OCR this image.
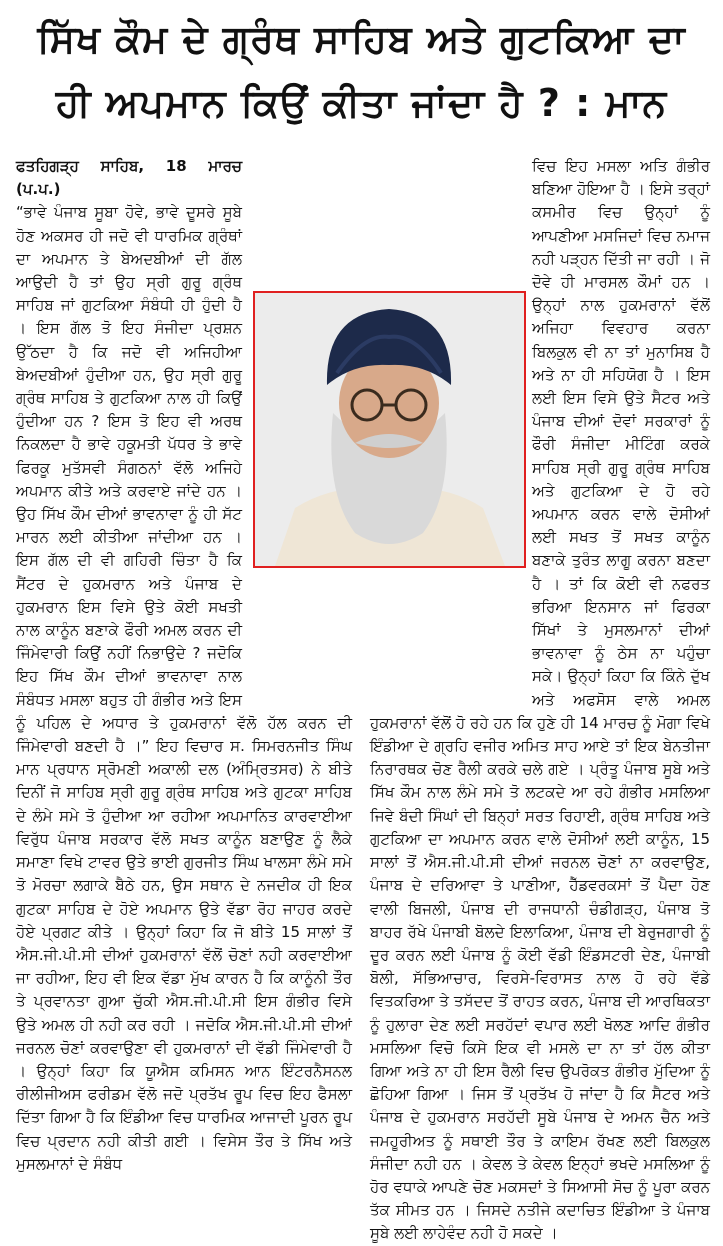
ਸਿੱਖ ਕੌਮ ਦੇ ਗ੍ਰੰਥ ਸਾਹਿਬ ਅਤੇ ਗੁਟਕਿਆ ਦਾ
ਹੀ ਅਪਮਾਨ ਕਿਉਂ ਕੀਤਾ ਜਾਂਦਾ ਹੈ ? : ਮਾਨ

ਫਤਹਿਗੜ੍ਹ ਸਾਹਿਬ, 18 ਮਾਰਚ (ਪ.ਪ.)

“ਭਾਵੇ ਪੰਜਾਬ ਸੂਬਾ ਹੋਵੇ, ਭਾਵੇ ਦੂਸਰੇ ਸੂਬੇ ਹੋਣ ਅਕਸਰ ਹੀ ਜਦੋ ਵੀ ਧਾਰਮਿਕ ਗ੍ਰੰਥਾਂ ਦਾ ਅਪਮਾਨ ਤੇ ਬੇਅਦਬੀਆਂ ਦੀ ਗੱਲ ਆਉਦੀ ਹੈ ਤਾਂ ਉਹ ਸ੍ਰੀ ਗੁਰੂ ਗ੍ਰੰਥ ਸਾਹਿਬ ਜਾਂ ਗੁਟਕਿਆ ਸੰਬੰਧੀ ਹੀ ਹੁੰਦੀ ਹੈ । ਇਸ ਗੱਲ ਤੋ ਇਹ ਸੰਜੀਦਾ ਪ੍ਰਸ਼ਨ ਉੱਠਦਾ ਹੈ ਕਿ ਜਦੋ ਵੀ ਅਜਿਹੀਆ ਬੇਅਦਬੀਆਂ ਹੁੰਦੀਆ ਹਨ, ਉਹ ਸ੍ਰੀ ਗੁਰੂ ਗ੍ਰੰਥ ਸਾਹਿਬ ਤੇ ਗੁਟਕਿਆ ਨਾਲ ਹੀ ਕਿਉਂ ਹੁੰਦੀਆ ਹਨ ? ਇਸ ਤੋ ਇਹ ਵੀ ਅਰਥ ਨਿਕਲਦਾ ਹੈ ਭਾਵੇ ਹਕੂਮਤੀ ਪੱਧਰ ਤੇ ਭਾਵੇ ਫਿਰਕੂ ਮੁਤੱਸਵੀ ਸੰਗਠਨਾਂ ਵੱਲੋ ਅਜਿਹੇ ਅਪਮਾਨ ਕੀਤੇ ਅਤੇ ਕਰਵਾਏ ਜਾਂਦੇ ਹਨ । ਉਹ ਸਿੱਖ ਕੌਮ ਦੀਆਂ ਭਾਵਨਾਵਾ ਨੂੰ ਹੀ ਸੱਟ ਮਾਰਨ ਲਈ ਕੀਤੀਆ ਜਾਂਦੀਆ ਹਨ । ਇਸ ਗੱਲ ਦੀ ਵੀ ਗਹਿਰੀ ਚਿੰਤਾ ਹੈ ਕਿ ਸੈਂਟਰ ਦੇ ਹੁਕਮਰਾਨ ਅਤੇ ਪੰਜਾਬ ਦੇ ਹੁਕਮਰਾਨ ਇਸ ਵਿਸੇ ਉਤੇ ਕੋਈ ਸਖਤੀ ਨਾਲ ਕਾਨੂੰਨ ਬਣਾਕੇ ਫੌਰੀ ਅਮਲ ਕਰਨ ਦੀ ਜਿੰਮੇਵਾਰੀ ਕਿਉਂ ਨਹੀਂ ਨਿਭਾਉਦੇ ? ਜਦੋਕਿ ਇਹ ਸਿੱਖ ਕੌਮ ਦੀਆਂ ਭਾਵਨਾਵਾ ਨਾਲ ਸੰਬੰਧਤ ਮਸਲਾ ਬਹੁਤ ਹੀ ਗੰਭੀਰ ਅਤੇ ਇਸ ਨੂੰ ਪਹਿਲ ਦੇ ਅਧਾਰ ਤੇ ਹੁਕਮਰਾਨਾਂ ਵੱਲੋ ਹੱਲ ਕਰਨ ਦੀ ਜਿੰਮੇਵਾਰੀ ਬਣਦੀ ਹੈ ।” ਇਹ ਵਿਚਾਰ ਸ. ਸਿਮਰਨਜੀਤ ਸਿੰਘ ਮਾਨ ਪ੍ਰਧਾਨ ਸ੍ਰੋਮਣੀ ਅਕਾਲੀ ਦਲ (ਅੰਮ੍ਰਿਤਸਰ) ਨੇ ਬੀਤੇ ਦਿਨੀਂ ਜੋ ਸਾਹਿਬ ਸ੍ਰੀ ਗੁਰੂ ਗ੍ਰੰਥ ਸਾਹਿਬ ਅਤੇ ਗੁਟਕਾ ਸਾਹਿਬ ਦੇ ਲੰਮੇ ਸਮੇ ਤੋ ਹੁੰਦੀਆ ਆ ਰਹੀਆ ਅਪਮਾਨਿਤ ਕਾਰਵਾਈਆ ਵਿਰੁੱਧ ਪੰਜਾਬ ਸਰਕਾਰ ਵੱਲੋ ਸਖਤ ਕਾਨੂੰਨ ਬਣਾਉਣ ਨੂੰ ਲੈਕੇ ਸਮਾਣਾ ਵਿਖੇ ਟਾਵਰ ਉਤੇ ਭਾਈ ਗੁਰਜੀਤ ਸਿੰਘ ਖਾਲਸਾ ਲੰਮੇ ਸਮੇ ਤੋ ਮੋਰਚਾ ਲਗਾਕੇ ਬੈਠੇ ਹਨ, ਉਸ ਸਥਾਨ ਦੇ ਨਜਦੀਕ ਹੀ ਇਕ ਗੁਟਕਾ ਸਾਹਿਬ ਦੇ ਹੋਏ ਅਪਮਾਨ ਉਤੇ ਵੱਡਾ ਰੋਹ ਜਾਹਰ ਕਰਦੇ ਹੋਏ ਪ੍ਰਗਟ ਕੀਤੇ । ਉਨ੍ਹਾਂ ਕਿਹਾ ਕਿ ਜੋ ਬੀਤੇ 15 ਸਾਲਾਂ ਤੋਂ ਐਸ.ਜੀ.ਪੀ.ਸੀ ਦੀਆਂ ਹੁਕਮਰਾਨਾਂ ਵੱਲੋਂ ਚੋਣਾਂ ਨਹੀ ਕਰਵਾਈਆ ਜਾ ਰਹੀਆ, ਇਹ ਵੀ ਇਕ ਵੱਡਾ ਮੁੱਖ ਕਾਰਨ ਹੈ ਕਿ ਕਾਨੂੰਨੀ ਤੌਰ ਤੇ ਪ੍ਰਵਾਨਤਾ ਗੁਆ ਚੁੱਕੀ ਐਸ.ਜੀ.ਪੀ.ਸੀ ਇਸ ਗੰਭੀਰ ਵਿਸੇ ਉਤੇ ਅਮਲ ਹੀ ਨਹੀ ਕਰ ਰਹੀ । ਜਦੋਕਿ ਐਸ.ਜੀ.ਪੀ.ਸੀ ਦੀਆਂ ਜਰਨਲ ਚੋਣਾਂ ਕਰਵਾਉਣਾ ਵੀ ਹੁਕਮਰਾਨਾਂ ਦੀ ਵੱਡੀ ਜਿੰਮੇਵਾਰੀ ਹੈ । ਉਨ੍ਹਾਂ ਕਿਹਾ ਕਿ ਯੂਐਸ ਕਮਿਸਨ ਆਨ ਇੰਟਰਨੈਸਨਲ ਰੀਲੀਜੀਅਸ ਫਰੀਡਮ ਵੱਲੋ ਜਦੋ ਪ੍ਰਤੱਖ ਰੂਪ ਵਿਚ ਇਹ ਫੈਸਲਾ ਦਿੱਤਾ ਗਿਆ ਹੈ ਕਿ ਇੰਡੀਆ ਵਿਚ ਧਾਰਮਿਕ ਆਜਾਦੀ ਪੂਰਨ ਰੂਪ ਵਿਚ ਪ੍ਰਦਾਨ ਨਹੀ ਕੀਤੀ ਗਈ । ਵਿਸੇਸ ਤੌਰ ਤੇ ਸਿੱਖ ਅਤੇ ਮੁਸਲਮਾਨਾਂ ਦੇ ਸੰਬੰਧ

ਵਿਚ ਇਹ ਮਸਲਾ ਅਤਿ ਗੰਭੀਰ ਬਣਿਆ ਹੋਇਆ ਹੈ । ਇਸੇ ਤਰ੍ਹਾਂ ਕਸਮੀਰ ਵਿਚ ਉਨ੍ਹਾਂ ਨੂੰ ਆਪਣੀਆ ਮਸਜਿਦਾਂ ਵਿਚ ਨਮਾਜ ਨਹੀ ਪੜ੍ਹਨ ਦਿੱਤੀ ਜਾ ਰਹੀ । ਜੋ ਦੋਵੇ ਹੀ ਮਾਰਸਲ ਕੌਮਾਂ ਹਨ । ਉਨ੍ਹਾਂ ਨਾਲ ਹੁਕਮਰਾਨਾਂ ਵੱਲੋਂ ਅਜਿਹਾ ਵਿਵਹਾਰ ਕਰਨਾ ਬਿਲਕੁਲ ਵੀ ਨਾ ਤਾਂ ਮੁਨਾਸਿਬ ਹੈ ਅਤੇ ਨਾ ਹੀ ਸਹਿਯੋਗ ਹੈ । ਇਸ ਲਈ ਇਸ ਵਿਸੇ ਉਤੇ ਸੈਟਰ ਅਤੇ ਪੰਜਾਬ ਦੀਆਂ ਦੋਵਾਂ ਸਰਕਾਰਾਂ ਨੂੰ ਫੌਰੀ ਸੰਜੀਦਾ ਮੀਟਿੰਗ ਕਰਕੇ ਸਾਹਿਬ ਸ੍ਰੀ ਗੁਰੂ ਗ੍ਰੰਥ ਸਾਹਿਬ ਅਤੇ ਗੁਟਕਿਆ ਦੇ ਹੋ ਰਹੇ ਅਪਮਾਨ ਕਰਨ ਵਾਲੇ ਦੋਸੀਆਂ ਲਈ ਸਖਤ ਤੋਂ ਸਖਤ ਕਾਨੂੰਨ ਬਣਾਕੇ ਤੁਰੰਤ ਲਾਗੂ ਕਰਨਾ ਬਣਦਾ ਹੈ । ਤਾਂ ਕਿ ਕੋਈ ਵੀ ਨਫਰਤ ਭਰਿਆ ਇਨਸਾਨ ਜਾਂ ਫਿਰਕਾ ਸਿੱਖਾਂ ਤੇ ਮੁਸਲਮਾਨਾਂ ਦੀਆਂ ਭਾਵਨਾਵਾ ਨੂੰ ਠੇਸ ਨਾ ਪਹੁੰਚਾ ਸਕੇ। ਉਨ੍ਹਾਂ ਕਿਹਾ ਕਿ ਕਿੰਨੇ ਦੁੱਖ ਅਤੇ ਅਫਸੋਸ ਵਾਲੇ ਅਮਲ ਹੁਕਮਰਾਨਾਂ ਵੱਲੋਂ ਹੋ ਰਹੇ ਹਨ ਕਿ ਹੁਣੇ ਹੀ 14 ਮਾਰਚ ਨੂੰ ਮੋਗਾ ਵਿਖੇ ਇੰਡੀਆ ਦੇ ਗ੍ਰਹਿ ਵਜੀਰ ਅਮਿਤ ਸਾਹ ਆਏ ਤਾਂ ਇਕ ਬੇਨਤੀਜਾ ਨਿਰਾਰਥਕ ਚੋਣ ਰੈਲੀ ਕਰਕੇ ਚਲੇ ਗਏ । ਪ੍ਰੰਤੂ ਪੰਜਾਬ ਸੂਬੇ ਅਤੇ ਸਿੱਖ ਕੌਮ ਨਾਲ ਲੰਮੇ ਸਮੇ ਤੋ ਲਟਕਦੇ ਆ ਰਹੇ ਗੰਭੀਰ ਮਸਲਿਆ ਜਿਵੇ ਬੰਦੀ ਸਿੰਘਾਂ ਦੀ ਬਿਨ੍ਹਾਂ ਸਰਤ ਰਿਹਾਈ, ਗ੍ਰੰਥ ਸਾਹਿਬ ਅਤੇ ਗੁਟਕਿਆ ਦਾ ਅਪਮਾਨ ਕਰਨ ਵਾਲੇ ਦੋਸੀਆਂ ਲਈ ਕਾਨੂੰਨ, 15 ਸਾਲਾਂ ਤੋਂ ਐਸ.ਜੀ.ਪੀ.ਸੀ ਦੀਆਂ ਜਰਨਲ ਚੋਣਾਂ ਨਾ ਕਰਵਾਉਣ, ਪੰਜਾਬ ਦੇ ਦਰਿਆਵਾ ਤੇ ਪਾਣੀਆ, ਹੈੱਡਵਰਕਸਾਂ ਤੋਂ ਪੈਦਾ ਹੋਣ ਵਾਲੀ ਬਿਜਲੀ, ਪੰਜਾਬ ਦੀ ਰਾਜਧਾਨੀ ਚੰਡੀਗੜ੍ਹ, ਪੰਜਾਬ ਤੋ ਬਾਹਰ ਰੱਖੇ ਪੰਜਾਬੀ ਬੋਲਦੇ ਇਲਾਕਿਆ, ਪੰਜਾਬ ਦੀ ਬੇਰੁਜਗਾਰੀ ਨੂੰ ਦੂਰ ਕਰਨ ਲਈ ਪੰਜਾਬ ਨੂੰ ਕੋਈ ਵੱਡੀ ਇੰਡਸਟਰੀ ਦੇਣ, ਪੰਜਾਬੀ ਬੋਲੀ, ਸੱਭਿਆਚਾਰ, ਵਿਰਸੇ-ਵਿਰਾਸਤ ਨਾਲ ਹੋ ਰਹੇ ਵੱਡੇ ਵਿਤਕਰਿਆ ਤੇ ਤਸੱਦਦ ਤੋਂ ਰਾਹਤ ਕਰਨ, ਪੰਜਾਬ ਦੀ ਆਰਥਿਕਤਾ ਨੂੰ ਹੁਲਾਰਾ ਦੇਣ ਲਈ ਸਰਹੱਦਾਂ ਵਪਾਰ ਲਈ ਖੋਲਣ ਆਦਿ ਗੰਭੀਰ ਮਸਲਿਆ ਵਿਚੋ ਕਿਸੇ ਇਕ ਵੀ ਮਸਲੇ ਦਾ ਨਾ ਤਾਂ ਹੱਲ ਕੀਤਾ ਗਿਆ ਅਤੇ ਨਾ ਹੀ ਇਸ ਰੈਲੀ ਵਿਚ ਉਪਰੋਕਤ ਗੰਭੀਰ ਮੁੱਦਿਆ ਨੂੰ ਛੋਹਿਆ ਗਿਆ । ਜਿਸ ਤੋਂ ਪ੍ਰਤੱਖ ਹੋ ਜਾਂਦਾ ਹੈ ਕਿ ਸੈਟਰ ਅਤੇ ਪੰਜਾਬ ਦੇ ਹੁਕਮਰਾਨ ਸਰਹੱਦੀ ਸੂਬੇ ਪੰਜਾਬ ਦੇ ਅਮਨ ਚੈਨ ਅਤੇ ਜਮਹੂਰੀਅਤ ਨੂੰ ਸਥਾਈ ਤੌਰ ਤੇ ਕਾਇਮ ਰੱਖਣ ਲਈ ਬਿਲਕੁਲ ਸੰਜੀਦਾ ਨਹੀ ਹਨ । ਕੇਵਲ ਤੇ ਕੇਵਲ ਇਨ੍ਹਾਂ ਭਖਦੇ ਮਸਲਿਆ ਨੂੰ ਹੋਰ ਵਧਾਕੇ ਆਪਣੇ ਚੋਣ ਮਕਸਦਾਂ ਤੇ ਸਿਆਸੀ ਸੋਚ ਨੂੰ ਪੂਰਾ ਕਰਨ ਤੱਕ ਸੀਮਤ ਹਨ । ਜਿਸਦੇ ਨਤੀਜੇ ਕਦਾਚਿਤ ਇੰਡੀਆ ਤੇ ਪੰਜਾਬ ਸੂਬੇ ਲਈ ਲਾਹੇਵੰਦ ਨਹੀ ਹੋ ਸਕਦੇ ।
